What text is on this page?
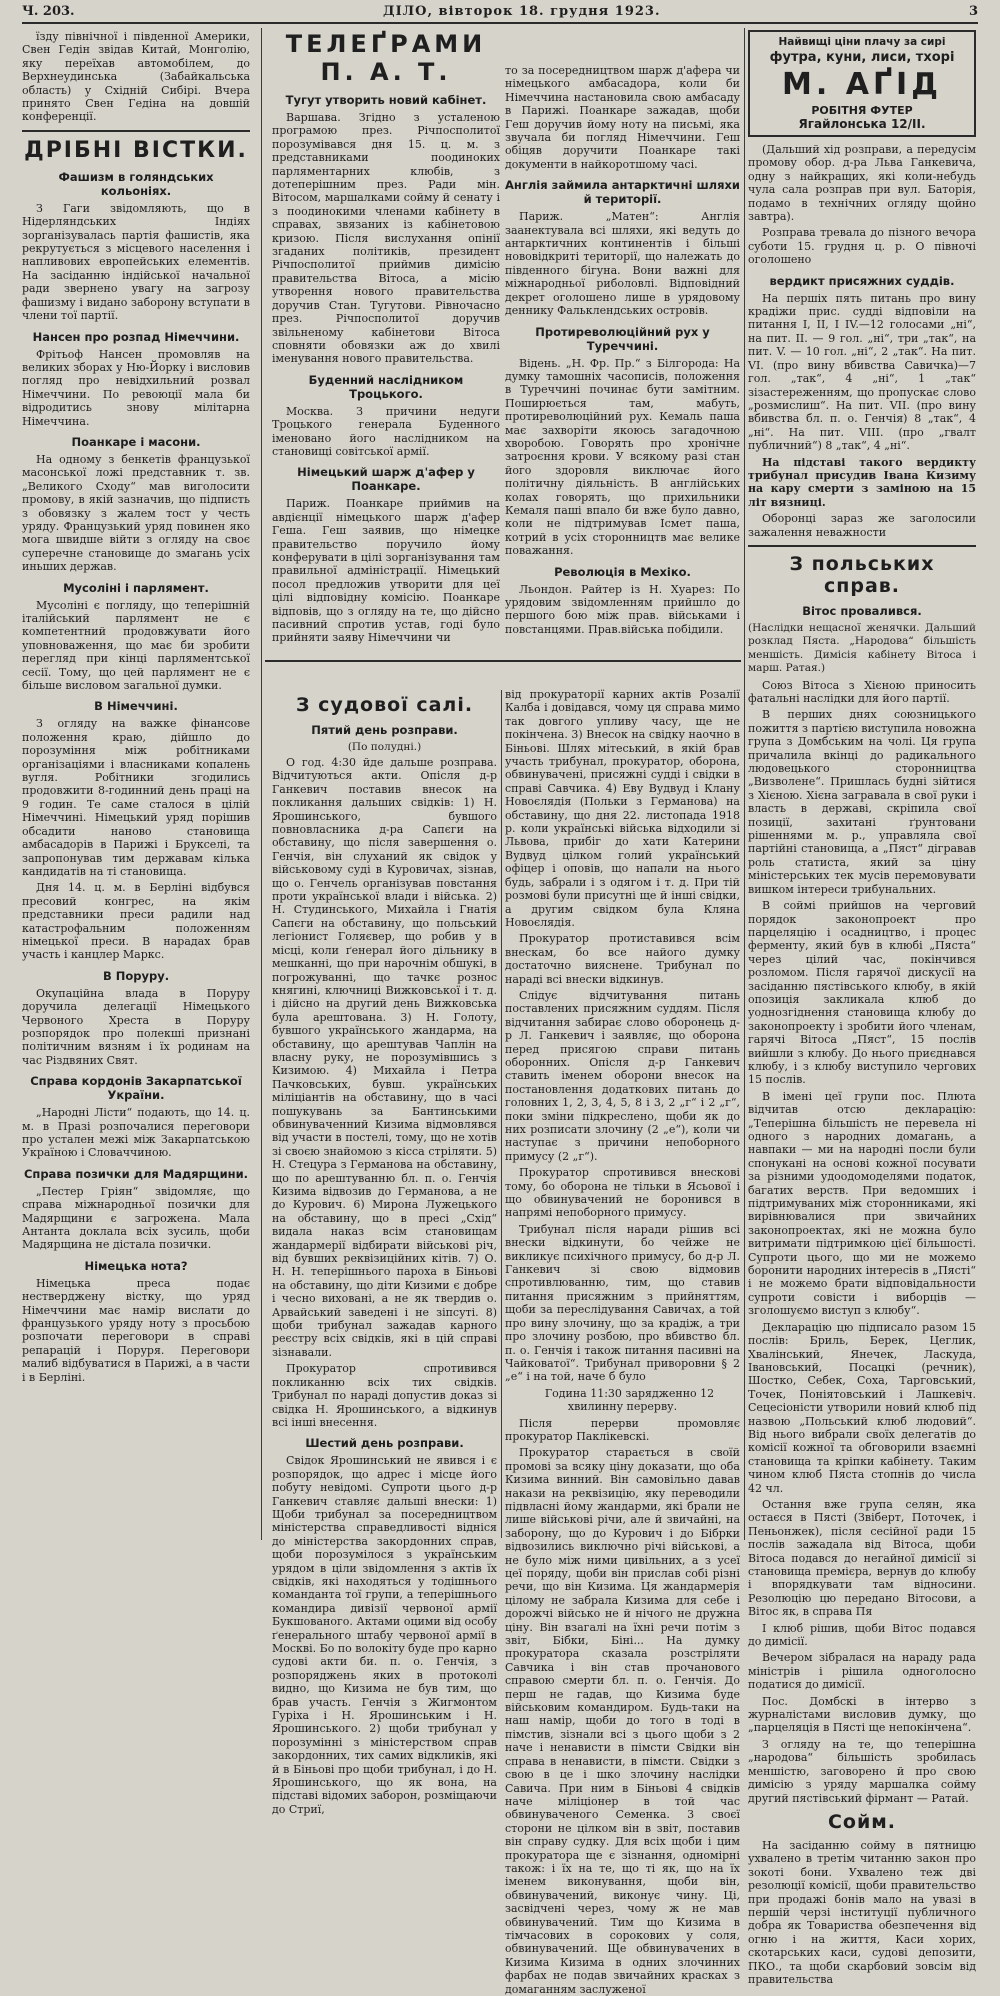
Ч. 203.	ДІЛО, вівторок 18. грудня 1923.	3

їзду північної і південної Америки, Свен Гедін звідав Китай, Монголію, яку переїхав автомобілем, до Верхнеудинська (Забайкальська область) у Східній Сибірі. Вчера принято Свен Гедіна на довшій конференції.

ДРІБНІ ВІСТКИ.
Фашизм в голяндських кольоніях.

З Гаги звідомляють, що в Нідерляндських Індіях зорганізувалась партія фашистів, яка рекрутується з місцевого населення і напливових европейських елементів. На засіданню індійської начальної ради звернено увагу на загрозу фашизму і видано заборону вступати в члени тої партії.

Нансен про розпад Німеччини.

Фрітьоф Нансен промовляв на великих зборах у Ню-Йорку і висловив погляд про невідхильний розвал Німеччини. По ревоюції мала би відродитись знову мілітарна Німеччина.

Поанкаре і масони.

На одному з бенкетів французької масонської ложі представник т. зв. „Великого Сходу“ мав виголосити промову, в якій зазначив, що підписть з обовязку з жалем тост у честь уряду. Французький уряд повинен яко мога швидше війти з огляду на своє суперечне становище до змагань усіх иньших держав.

Мусоліні і парлямент.

Мусоліні є погляду, що теперішній італійський парлямент не є компетентний продовжувати його уповноваження, що має би зробити перегляд при кінці парляментської сесії. Тому, що цей парлямент не є більше висловом загальної думки.

В Німеччині.

З огляду на важке фінансове положення краю, дійшло до порозуміння між робітниками організаціями і власниками копалень вугля. Робітники згодились продовжити 8-годинний день праці на 9 годин. Те саме сталося в цілій Німеччині. Німецький уряд порішив обсадити наново становища амбасадорів в Парижі і Брукселі, та запропонував тим державам кілька кандидатів на ті становища.

Дня 14. ц. м. в Берліні відбувся пресовий конгрес, на якім представники преси радили над катастрофальним положенням німецької преси. В нарадах брав участь і канцлер Маркс.

В Поруру.

Окупаційна влада в Поруру доручила делегації Німецького Червоного Хреста в Поруру розпорядок про полекші признані політичним вязням і їх родинам на час Різдвяних Свят.

Справа кордонів Закарпатської України.

„Народні Лісти“ подають, що 14. ц. м. в Празі розпочалися переговори про устален межі між Закарпатською Україною і Словаччиною.

Справа позички для Мадярщини.

„Пестер Гріян“ звідомляє, що справа міжнародньої позички для Мадярщини є загрожена. Мала Антанта доклала всіх зусиль, щоби Мадярщина не дістала позички.

Німецька нота?

Німецька преса подає нестверджену вістку, що уряд Німеччини має намір вислати до французького уряду ноту з просьбою розпочати переговори в справі репарацій і Поруря. Переговори малиб відбуватися в Парижі, а в части і в Берліні.

ТЕЛЕҐРАМИ П. А. Т.
Тугут утворить новий кабінет.

Варшава. Згідно з усталеною програмою през. Річпосполитої порозумівався дня 15. ц. м. з представниками поодиноких парляментарних клюбів, з дотеперішним през. Ради мін. Вітосом, маршалками сойму й сенату і з поодинокими членами кабінету в справах, звязаних із кабінетовою кризою. Після вислухання опінії згаданих політиків, президент Річпосполитої приймив димісію правительства Вітоса, а місію утворення нового правительства доручив Стан. Тугутови. Рівночасно през. Річпосполитої доручив звільненому кабінетови Вітоса сповняти обовязки аж до хвилі іменування нового правительства.

Буденний наслідником Троцького.

Москва. З причини недуги Троцького генерала Буденного іменовано його наслідником на становищі совітської армії.

Німецький шарж д'афер у Поанкаре.

Париж. Поанкаре приймив на авдієнції німецького шарж д'афер Геша. Геш заявив, що німецке правительство поручило йому конферувати в цілі зорганізування там правильної адміністрації. Німецький посол предложив утворити для цеї цілі відповідну комісію. Поанкаре відповів, що з огляду на те, що дійсно пасивний спротив устав, годі було прийняти заяву Німеччини чи

то за посередництвом шарж д'афера чи німецького амбасадора, коли би Німеччина настановила свою амбасаду в Парижі. Поанкаре зажадав, щоби Геш доручив йому ноту на письмі, яка звучала би погляд Німеччини. Геш обіцяв доручити Поанкаре такі документи в найкоротшому часі.

Англія займила антарктичні шляхи й території.

Париж. „Матен“: Англія заанектувала всі шляхи, які ведуть до антарктичних континентів і більші нововідкриті території, що належать до південного бігуна. Вони важні для міжнародньої риболовлі. Відповідний декрет оголошено лише в урядовому деннику Фальклендських островів.

Протиреволюційний рух у Туреччині.

Відень. „Н. Фр. Пр.“ з Білгорода: На думку тамошніх часописів, положення в Туреччині починає бути замітним. Поширюється там, мабуть, протиреволюційний рух. Кемаль паша має захворіти якоюсь загадочною хворобою. Говорять про хронічне затроєння крови. У всякому разі стан його здоровля виключає його політичну діяльність. В англійських колах говорять, що прихильники Кемаля паші впало би вже було давно, коли не підтримував Ісмет паша, котрий в усіх сторонництв має велике поважання.

Революція в Мехіко.

Льондон. Райтер із Н. Хуарез: По урядовим звідомленням прийшло до першого бою між прав. військами і повстанцями. Прав.війська побідили.

З судової салі.
Пятий день розправи.
(По полудні.)

О год. 4:30 йде дальше розправа. Відчитуються акти. Опісля д-р Ганкевич поставив внесок на покликання дальших свідків: 1) Н. Ярошинського, бувшого повновласника д-ра Сапєги на обставину, що після завершення о. Генчія, він слуханий як свідок у військовому суді в Куровичах, зізнав, що о. Генчель організував повстання проти української влади і війська. 2) Н. Студинського, Михайла і Гнатія Сапєги на обставину, що польський легіонист Голяєвер, що робив у в місці, коли ґенерал його дільнику в мешканні, що при нарочнім обшукі, в погрожуванні, що тачкє рознос княгині, ключниці Вижковської і т. д. і дійсно на другий день Вижковська була арештована. 3) Н. Голоту, бувшого українського жандарма, на обставину, що арештував Чаплін на власну руку, не порозумівшись з Кизимою. 4) Михайла і Петра Пачковських, бувш. українських міліціантів на обставину, що в часі пошукувань за Бантинськими обвинуваченний Кизима відмовлявся від участи в постелі, тому, що не хотів зі своєю знайомою з кісса стріляти. 5) Н. Стецура з Германова на обставину, що по арештуванню бл. п. о. Генчія Кизима відвозив до Германова, а не до Курович. 6) Мирона Лужецького на обставину, що в пресі „Схід“ видала наказ всім становищам жандармерії відбирати військові річ, від бувших реквізиційних кітів. 7) О. Н. Н. теперішнього пароха в Біньові на обставину, що діти Кизими є добре і чесно виховані, а не як твердив о. Арвайський заведені і не зіпсуті. 8) щоби трибунал зажадав карного реєстру всіх свідків, які в цій справі зізнавали.

Прокуратор спротивився покликанню всіх тих свідків. Трибунал по нараді допустив доказ зі свідка Н. Ярошинського, а відкинув всі інші внесення.

Шестий день розправи.

Свідок Ярошинський не явився і є розпорядок, що адрес і місце його побуту невідомі. Супроти цього д-р Ганкевич ставляє дальші внески: 1) Щоби трибунал за посередництвом міністерства справедливості відніся до міністерства закордонних справ, щоби порозумілося з українським урядом в ціли звідомлення з актів їх свідків, які находяться у тодішнього команданта тої групи, а теперішнього командира дивізії червоної армії Букшованого. Актами оцими від особу ґенерального штабу червоної армії в Москві. Бо по волокіту буде про карно судові акти би. п. о. Генчія, з розпоряджень яких в протоколі видно, що Кизима не був тим, що брав участь. Генчія з Жигмонтом Гуріха і Н. Ярошинським і Н. Ярошинського. 2) щоби трибунал у порозумінні з міністерством справ закордонних, тих самих відкликів, які й в Біньові про щоби трибунал, і до Н. Ярошинського, що як вона, на підставі відомих заборон, розміщаючи до Стриї,

від прокураторії карних актів Розалії Калба і довідався, чому ця справа мимо так довгого упливу часу, ще не покінчена. 3) Внесок на свідку наочно в Біньові. Шлях мітеський, в якій брав участь трибунал, прокуратор, оборона, обвинувачені, присяжні судді і свідки в справі Савчика. 4) Еву Вудвуд і Клану Новоєлядія (Польки з Германова) на обставину, що дня 22. листопада 1918 р. коли українські війська відходили зі Львова, прибіг до хати Катерини Вудвуд цілком голий український офіцер і оповів, що напали на нього будь, забрали і з одягом і т. д. При тій розмові були присутні ще й інші свідки, а другим свідком була Кляна Новоєлядія.

Прокуратор протиставився всім внескам, бо все найого думку достаточно вияснене. Трибунал по нараді всі внески відкинув.

Слідує відчитування питань поставлених присяжним суддям. Після відчитання забирає слово оборонець д-р Л. Ганкевич і заявляє, що оборона перед присягою справи питань оборонних. Опісля д-р Ганкевич ставить іменем оборони внесок на постановлення додаткових питань до головних 1, 2, 3, 4, 5, 8 і 3, 2 „г“ і 2 „г“, поки зміни підкреслено, щоби як до них розписати злочину (2 „е“), коли чи наступає з причини непоборного примусу (2 „г“).

Прокуратор спротивився внескові тому, бо оборона не тільки в Ясьової і що обвинувачений не боронився в напрямі непоборного примусу.

Трибунал після наради рішив всі внески відкинути, бо чейже не викликує психічного примусу, бо д-р Л. Ганкевич зі свою відмовив спротивлюванню, тим, що ставив питання присяжним з прийняттям, щоби за переслідування Савичах, а той про вину злочину, що за крадіж, а три про злочину розбою, про вбивство бл. п. о. Генчія і також питання пасивні на Чайковатої“. Трибунал приворовни § 2 „е“ і на той, наче б було

Година 11:30 зарядженно 12 хвилинну перерву.

Після перерви промовляє прокуратор Паклікевскі.

Прокуратор старається в своїй промові за всяку ціну доказати, що оба Кизима винний. Він самовільно давав накази на реквізицію, яку переводили підвласні йому жандарми, які брали не лише військові річи, але й звичайні, на заборону, що до Курович і до Бібрки відвозились виключно річі військові, а не було між ними цивільних, а з усеї цеї поряду, щоби він прислав собі різні речи, що він Кизима. Ця жандармерія цілому не забрала Кизима для себе і дорожчі військо не й нічого не дружна ціну. Він взагалі на їхні речи потім з звіт, Бібки, Біні... На думку прокуратора сказала розстріляти Савчика і він став прочанового справою смерти бл. п. о. Генчія. До перш не гадав, що Кизима буде військовим командиром. Будь-таки на наш намір, щоби до того в тоді в пімстив, зізнали всі з цього щоби з 2 наче і ненависти в пімсти Свідки він справа в ненависти, в пімсти. Свідки з свою в це і шко злочину наслідки Савича. При ним в Біньові 4 свідків наче міліціонер в той час обвинуваченого Семенка. 3 своєї сторони не цілком він в звіт, поставив він справу судку. Для всіх щоби і цим прокуратора ще є зізнання, одномірні також: і їх на те, що ті як, що на їх іменем виконування, щоби він, обвинувачений, виконує чину. Ці, засвідчені через, чому ж не мав обвинувачений. Тим що Кизима в тімчасових в сорокових у соля, обвинувачений. Ще обвинувачених в Кизима Кизима в одних злочинних фарбах не подав звичайних красках з домаганням заслуженої

Найвищі ціни плачу за сирі
футра, куни, лиси, тхорі
М. АҐІД
РОБІТНЯ ФУТЕР
Ягайлонська 12/II.

(Дальший хід розправи, а передусім промову обор. д-ра Льва Ганкевича, одну з найкращих, які коли-небудь чула сала розправ при вул. Баторія, подамо в технічних огляду щойно завтра).

Розправа тревала до пізного вечора суботи 15. грудня ц. р. О півночі оголошено

вердикт присяжних суддів.

На першіх пять питань про вину крадіжи прис. судді відповіли на питання І, II, I IV.—12 голосами „ні“, на пит. II. — 9 гол. „ні“, три „так“, на пит. V. — 10 гол. „ні“, 2 „так“. На пит. VI. (про вину вбивства Савичка)—7 гол. „так“, 4 „ні“, 1 „так“ зізастереженням, що пропускає слово „розмислиш“. На пит. VII. (про вину вбивства бл. п. о. Генчія) 8 „так“, 4 „ні“. На пит. VIII. (про „гвалт публичний“) 8 „так“, 4 „ні“.

На підставі такого вердикту трибунал присудив Івана Кизиму на кару смерти з заміною на 15 літ вязниці.

Оборонці зараз же заголосили зажалення неважности

З польських справ.
Вітос провалився.

(Наслідки нещасної женячки. Дальший розклад Пяста. „Народова“ більшість меншість. Димісія кабінету Вітоса і марш. Ратая.)

Союз Вітоса з Хієною приносить фатальні наслідки для його партії.

В перших днях союзницького пожиття з партією виступила новожна група з Домбським на чолі. Ця група причалила вкінці до радикального людовецького сторонництва „Визволене“. Пришлась будні зійтися з Хієною. Хієна загравала в свої руки і власть в державі, скріпила свої позиції, захитані ґрунтовани рішеннями м. р., управляла свої партійні становища, а „Пяст“ дігравав роль статиста, який за ціну міністерських тек мусів перемовувати вишком інтереси трибунальних.

В соймі прийшов на черговий порядок законопроект про парцеляцію і осадництво, і процес ферменту, який був в клюбі „Пяста“ через цілий час, покінчився розломом. Після гарячої дискусії на засіданню пястівського клюбу, в якій опозиція закликала клюб до уоднозгіднення становища клюбу до законопроекту і зробити його членам, гарячі Вітоса „Пяст“, 15 послів вийшли з клюбу. До нього приєднався клюбу, і з клюбу виступило чергових 15 послів.

В імені цеї групи пос. Плюта відчитав отсю декларацію: „Теперішна більшість не перевела ні одного з народних домагань, а навпаки — ми на народні посли були спонукані на основі кожної посувати за різними удоодомоделями податок, багатих верств. При ведомших і підтримуваних між сторонниками, які вирівнювалися при звичайних законопроектах, які не можна було витримати підтримкою цієї більшості. Супроти цього, що ми не можемо боронити народних інтересів в „Пясті“ і не можемо брати відповідальности супроти совісти і виборців — зголошуємо виступ з клюбу“.

Декларацію цю підписало разом 15 послів: Бриль, Берек, Цеглик, Хвалінський, Янечек, Ласкуда, Івановський, Посацкі (речник), Шостко, Себек, Соха, Тарговський, Точек, Поніятовський і Лашкевіч. Сецесіоністи утворили новий клюб під назвою „Польський клюб людовий“. Від нього вибрали своїх делегатів до комісії кожної та обговорили взаємні становища та кріпки кабінету. Таким чином клюб Пяста стопнів до числа 42 чл.

Остання вже група селян, яка остаєся в Пясті (Звіберт, Поточек, і Пеньонжек), після сесійної ради 15 послів зажадала від Вітоса, щоби Вітоса подався до негайної димісії зі становища премієра, вернув до клюбу і впорядкувати там відносини. Резолюцію цю передано Вітосови, а Вітос як, в справа Пя

І клюб рішив, щоби Вітос подався до димісії.

Вечером зібралася на нараду рада міністрів і рішила одноголосно податися до димісії.

Пос. Домбскі в інтерво з журналістами висловив думку, що „парцеляція в Пясті ще непокінчена“.

З огляду на те, що теперішна „народова“ більшість зробилась меншістю, заговорено й про свою димісію з уряду маршалка сойму другий пястівський фірмант — Ратай.

Сойм.

На засіданню сойму в пятницю ухвалено в третім читанню закон про зокоті бони. Ухвалено теж дві резолюції комісії, щоби правительство при продажі бонів мало на увазі в першій черзі інституції публичного добра як Товариства обезпечення від огню і на життя, Каси хорих, скотарських каси, судові депозити, ПКО., та щоби скарбовий зовсім від правительства
